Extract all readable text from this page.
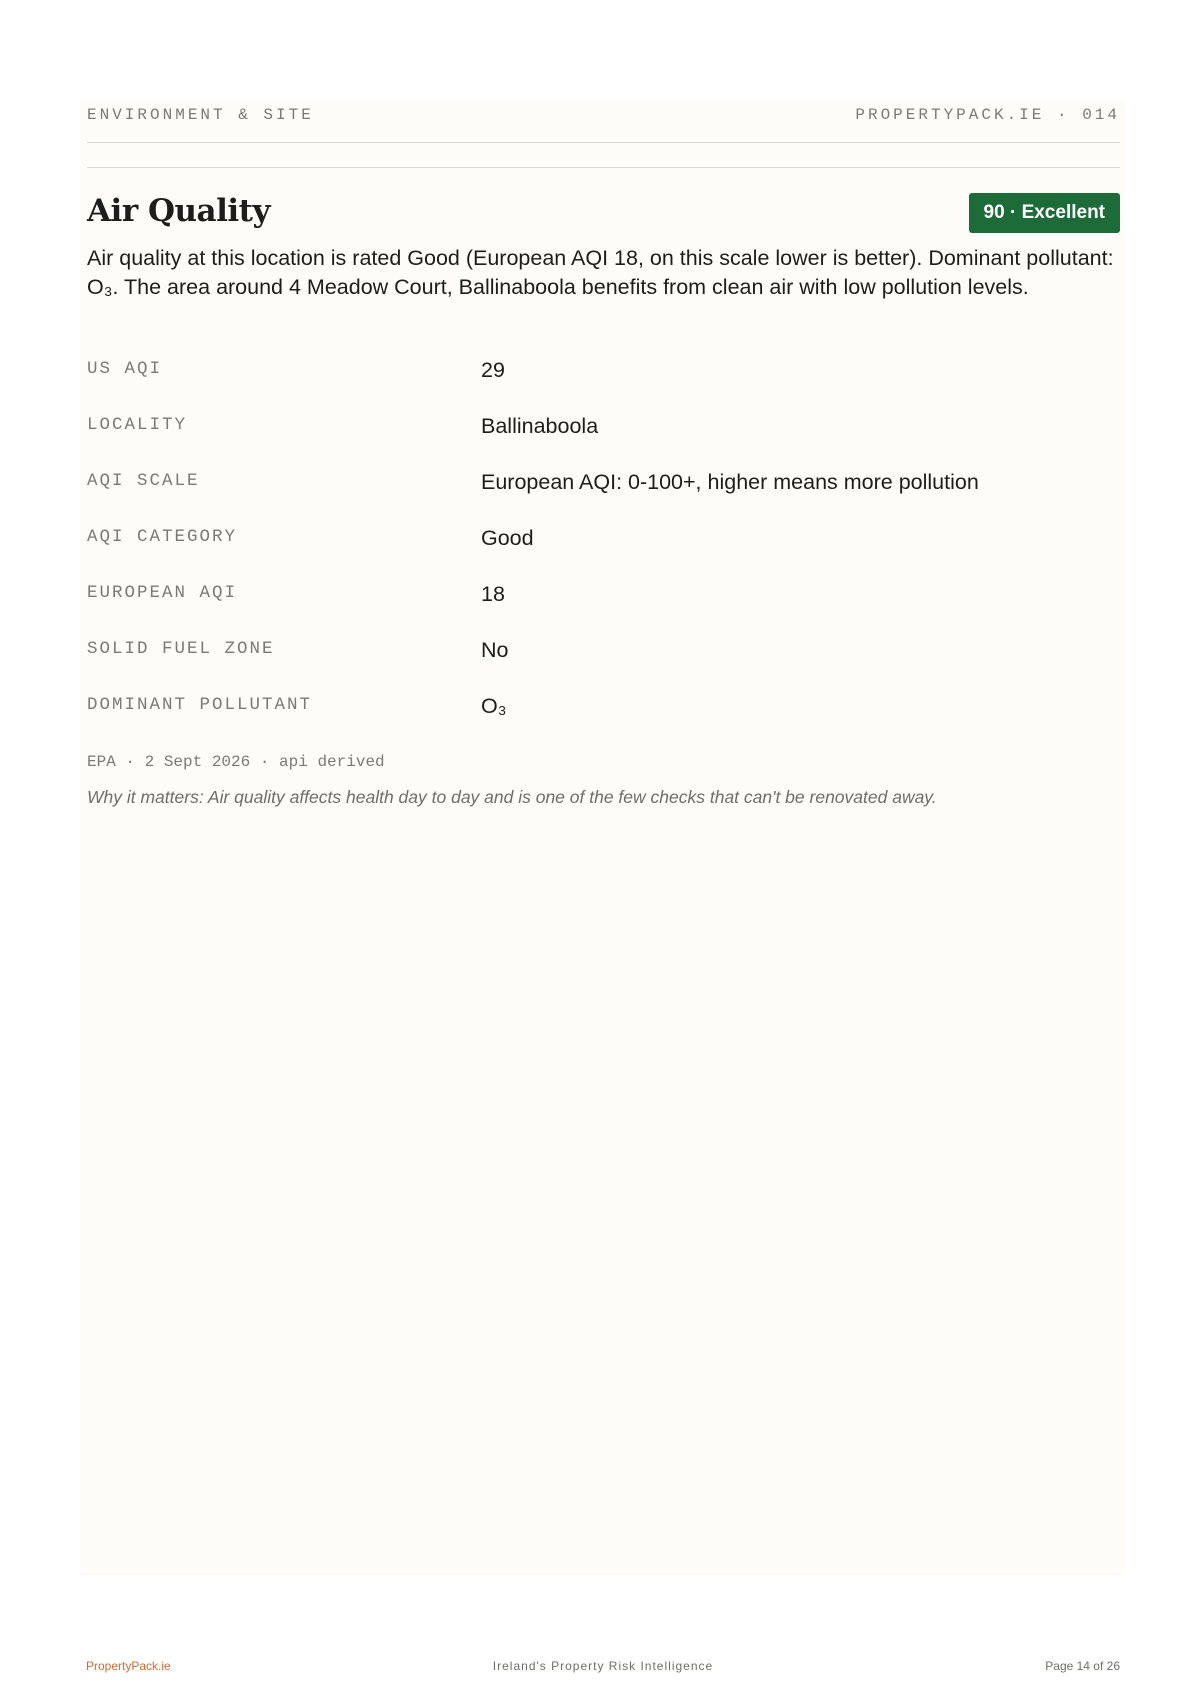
ENVIRONMENT & SITE	PROPERTYPACK.IE · 014
Air Quality	90 · Excellent

Air quality at this location is rated Good (European AQI 18, on this scale lower is better). Dominant pollutant: O₃. The area around 4 Meadow Court, Ballinaboola benefits from clean air with low pollution levels.

US AQI	29
LOCALITY	Ballinaboola
AQI SCALE	European AQI: 0-100+, higher means more pollution
AQI CATEGORY	Good
EUROPEAN AQI	18
SOLID FUEL ZONE	No
DOMINANT POLLUTANT	O₃
EPA · 2 Sept 2026 · api derived

Why it matters: Air quality affects health day to day and is one of the few checks that can't be renovated away.

PropertyPack.ie	Ireland's Property Risk Intelligence	Page 14 of 26
